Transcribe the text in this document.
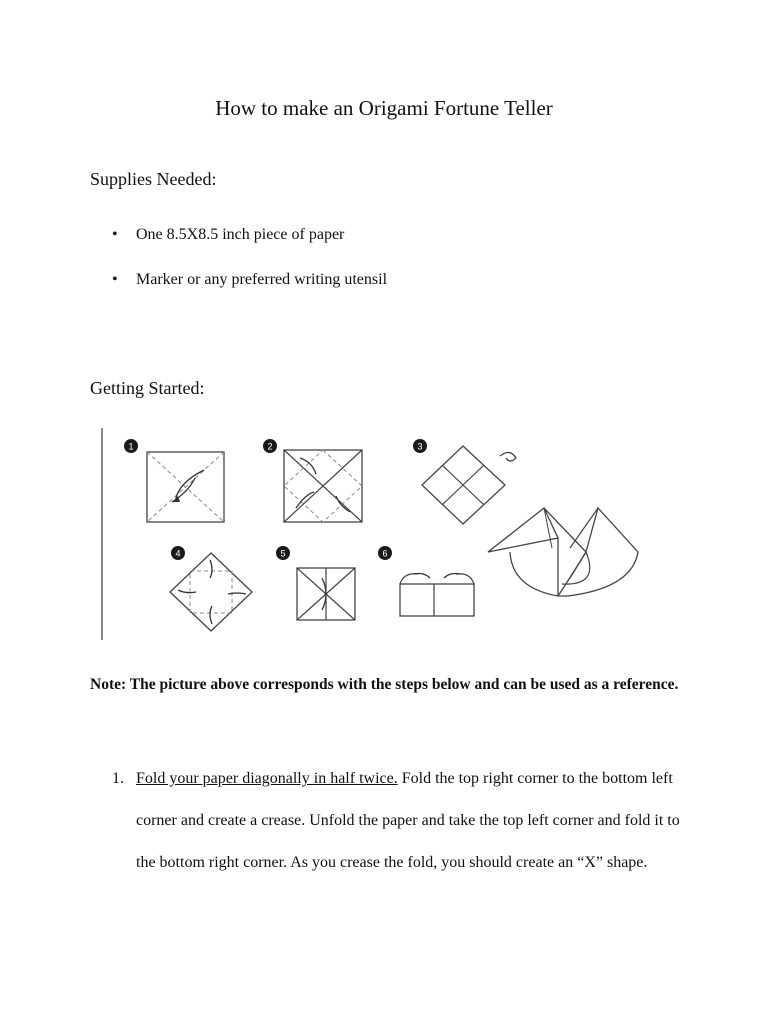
How to make an Origami Fortune Teller
Supplies Needed:
• One 8.5X8.5 inch piece of paper
• Marker or any preferred writing utensil
Getting Started:
1	2	3
4	5	6

Note: The picture above corresponds with the steps below and can be used as a reference.

1. Fold your paper diagonally in half twice. Fold the top right corner to the bottom left corner and create a crease. Unfold the paper and take the top left corner and fold it to the bottom right corner. As you crease the fold, you should create an “X” shape.
